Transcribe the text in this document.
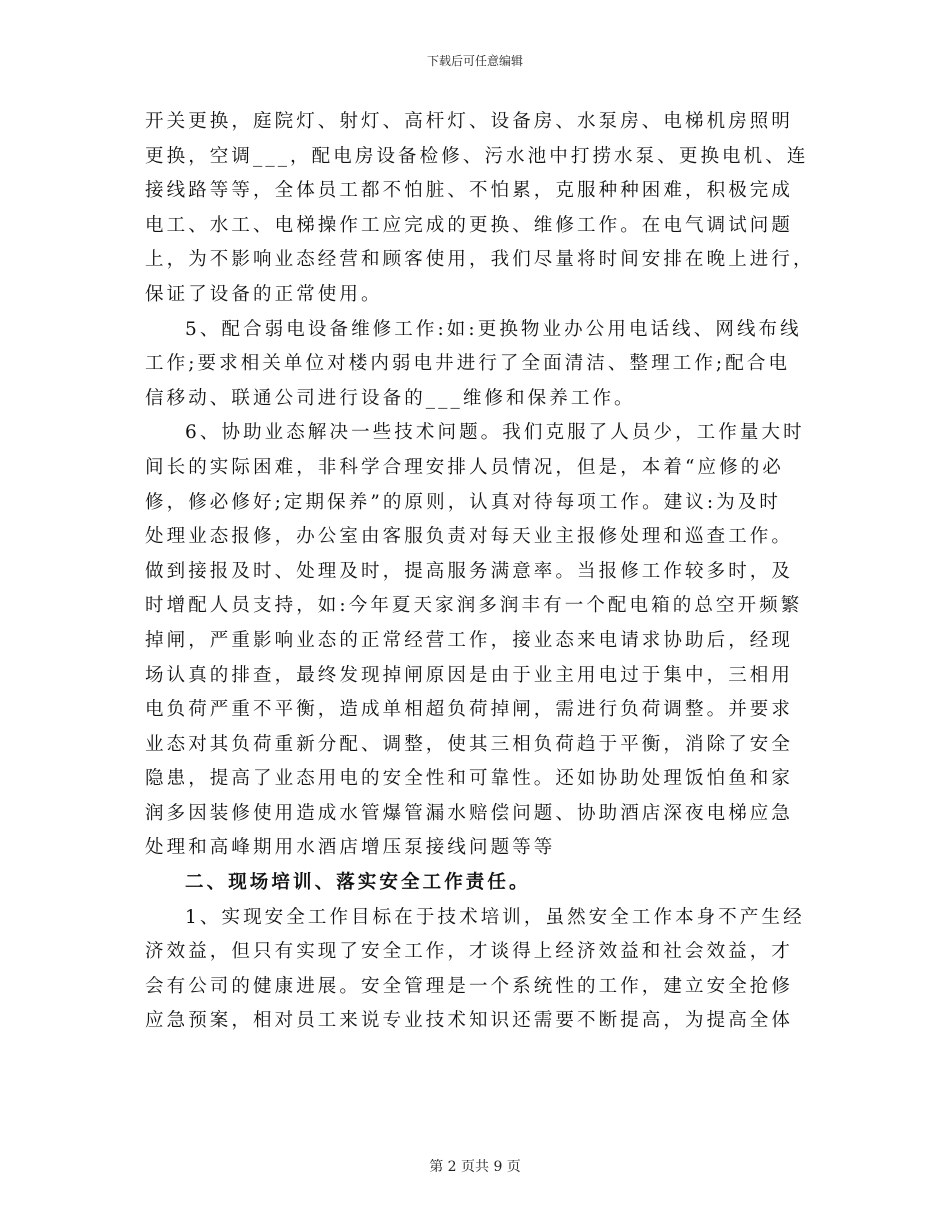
下载后可任意编辑

开关更换，庭院灯、射灯、高杆灯、设备房、水泵房、电梯机房照明
更换，空调___，配电房设备检修、污水池中打捞水泵、更换电机、连
接线路等等，全体员工都不怕脏、不怕累，克服种种困难，积极完成
电工、水工、电梯操作工应完成的更换、维修工作。在电气调试问题
上，为不影响业态经营和顾客使用，我们尽量将时间安排在晚上进行，
保证了设备的正常使用。

5、配合弱电设备维修工作:如:更换物业办公用电话线、网线布线
工作;要求相关单位对楼内弱电井进行了全面清洁、整理工作;配合电
信移动、联通公司进行设备的___维修和保养工作。

6、协助业态解决一些技术问题。我们克服了人员少，工作量大时
间长的实际困难，非科学合理安排人员情况，但是，本着“应修的必
修，修必修好;定期保养”的原则，认真对待每项工作。建议:为及时
处理业态报修，办公室由客服负责对每天业主报修处理和巡查工作。
做到接报及时、处理及时，提高服务满意率。当报修工作较多时，及
时增配人员支持，如:今年夏天家润多润丰有一个配电箱的总空开频繁
掉闸，严重影响业态的正常经营工作，接业态来电请求协助后，经现
场认真的排查，最终发现掉闸原因是由于业主用电过于集中，三相用
电负荷严重不平衡，造成单相超负荷掉闸，需进行负荷调整。并要求
业态对其负荷重新分配、调整，使其三相负荷趋于平衡，消除了安全
隐患，提高了业态用电的安全性和可靠性。还如协助处理饭怕鱼和家
润多因装修使用造成水管爆管漏水赔偿问题、协助酒店深夜电梯应急
处理和高峰期用水酒店增压泵接线问题等等

二、现场培训、落实安全工作责任。

1、实现安全工作目标在于技术培训，虽然安全工作本身不产生经
济效益，但只有实现了安全工作，才谈得上经济效益和社会效益，才
会有公司的健康进展。安全管理是一个系统性的工作，建立安全抢修
应急预案，相对员工来说专业技术知识还需要不断提高，为提高全体

第 2 页共 9 页
